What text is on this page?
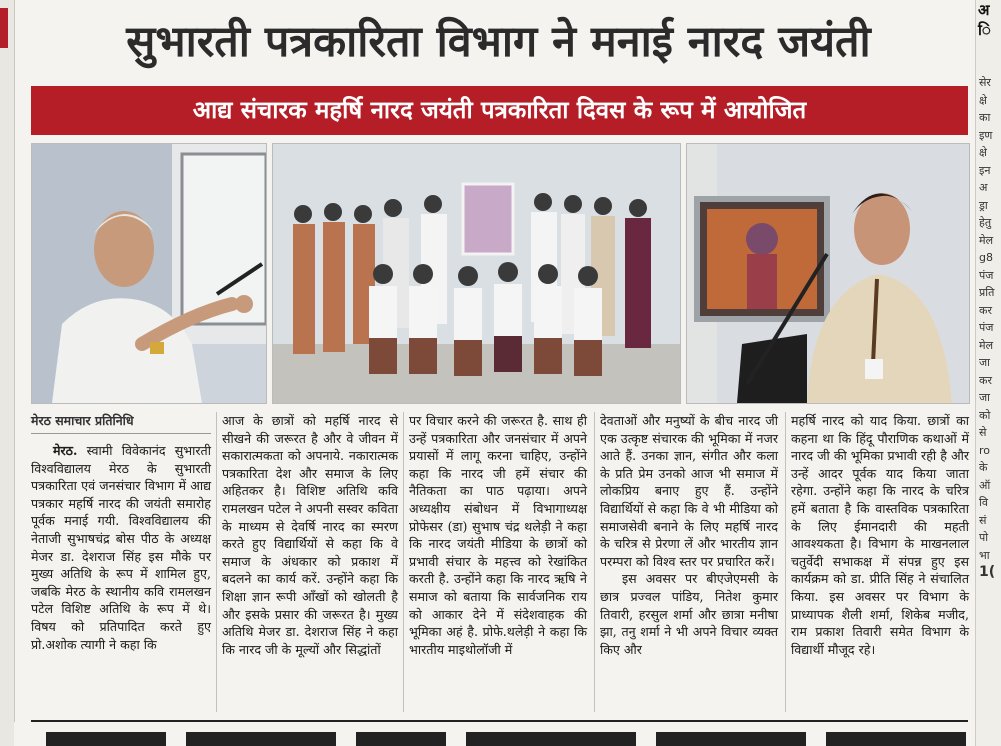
अ
ि
सेर
क्षे
का
इण
क्षे
इन
अ
ड्रा
हेतु
मेल
g8
पंज
प्रति
कर
पंज
मेल
जा
कर
जा
को
से
ro
के
ऑ
वि
सं
पो
भा
1(
सुभारती पत्रकारिता विभाग ने मनाई नारद जयंती
आद्य संचारक महर्षि नारद जयंती पत्रकारिता दिवस के रूप में आयोजित
मेरठ समाचार प्रतिनिधि

मेरठ. स्वामी विवेकानंद सुभारती विश्वविद्यालय मेरठ के सुभारती पत्रकारिता एवं जनसंचार विभाग में आद्य पत्रकार महर्षि नारद की जयंती समारोह पूर्वक मनाई गयी. विश्वविद्यालय की नेताजी सुभाषचंद्र बोस पीठ के अध्यक्ष मेजर डा. देशराज सिंह इस मौके पर मुख्य अतिथि के रूप में शामिल हुए, जबकि मेरठ के स्थानीय कवि रामलखन पटेल विशिष्ट अतिथि के रूप में थे। विषय को प्रतिपादित करते हुए प्रो.अशोक त्यागी ने कहा कि

आज के छात्रों को महर्षि नारद से सीखने की जरूरत है और वे जीवन में सकारात्मकता को अपनाये. नकारात्मक पत्रकारिता देश और समाज के लिए अहितकर है। विशिष्ट अतिथि कवि रामलखन पटेल ने अपनी सस्वर कविता के माध्यम से देवर्षि नारद का स्मरण करते हुए विद्यार्थियों से कहा कि वे समाज के अंधकार को प्रकाश में बदलने का कार्य करें. उन्होंने कहा कि शिक्षा ज्ञान रूपी आँखों को खोलती है और इसके प्रसार की जरूरत है। मुख्य अतिथि मेजर डा. देशराज सिंह ने कहा कि नारद जी के मूल्यों और सिद्धांतों

पर विचार करने की जरूरत है. साथ ही उन्हें पत्रकारिता और जनसंचार में अपने प्रयासों में लागू करना चाहिए, उन्होंने कहा कि नारद जी हमें संचार की नैतिकता का पाठ पढ़ाया। अपने अध्यक्षीय संबोधन में विभागाध्यक्ष प्रोफेसर (डा) सुभाष चंद्र थलेड़ी ने कहा कि नारद जयंती मीडिया के छात्रों को प्रभावी संचार के महत्त्व को रेखांकित करती है. उन्होंने कहा कि नारद ऋषि ने समाज को बताया कि सार्वजनिक राय को आकार देने में संदेशवाहक की भूमिका अहं है. प्रोफे.थलेड़ी ने कहा कि भारतीय माइथोलॉजी में

देवताओं और मनुष्यों के बीच नारद जी एक उत्कृष्ट संचारक की भूमिका में नजर आते हैं. उनका ज्ञान, संगीत और कला के प्रति प्रेम उनको आज भी समाज में लोकप्रिय बनाए हुए हैं. उन्होंने विद्यार्थियों से कहा कि वे भी मीडिया को समाजसेवी बनाने के लिए महर्षि नारद के चरित्र से प्रेरणा लें और भारतीय ज्ञान परम्परा को विश्व स्तर पर प्रचारित करें।

इस अवसर पर बीएजेएमसी के छात्र प्रज्वल पांडिय, नितेश कुमार तिवारी, हरसुल शर्मा और छात्रा मनीषा झा, तनु शर्मा ने भी अपने विचार व्यक्त किए और

महर्षि नारद को याद किया. छात्रों का कहना था कि हिंदू पौराणिक कथाओं में नारद जी की भूमिका प्रभावी रही है और उन्हें आदर पूर्वक याद किया जाता रहेगा. उन्होंने कहा कि नारद के चरित्र हमें बताता है कि वास्तविक पत्रकारिता के लिए ईमानदारी की महती आवश्यकता है। विभाग के माखनलाल चतुर्वेदी सभाकक्ष में संपन्न हुए इस कार्यक्रम को डा. प्रीति सिंह ने संचालित किया. इस अवसर पर विभाग के प्राध्यापक शैली शर्मा, शिकेब मजीद, राम प्रकाश तिवारी समेत विभाग के विद्यार्थी मौजूद रहे।
